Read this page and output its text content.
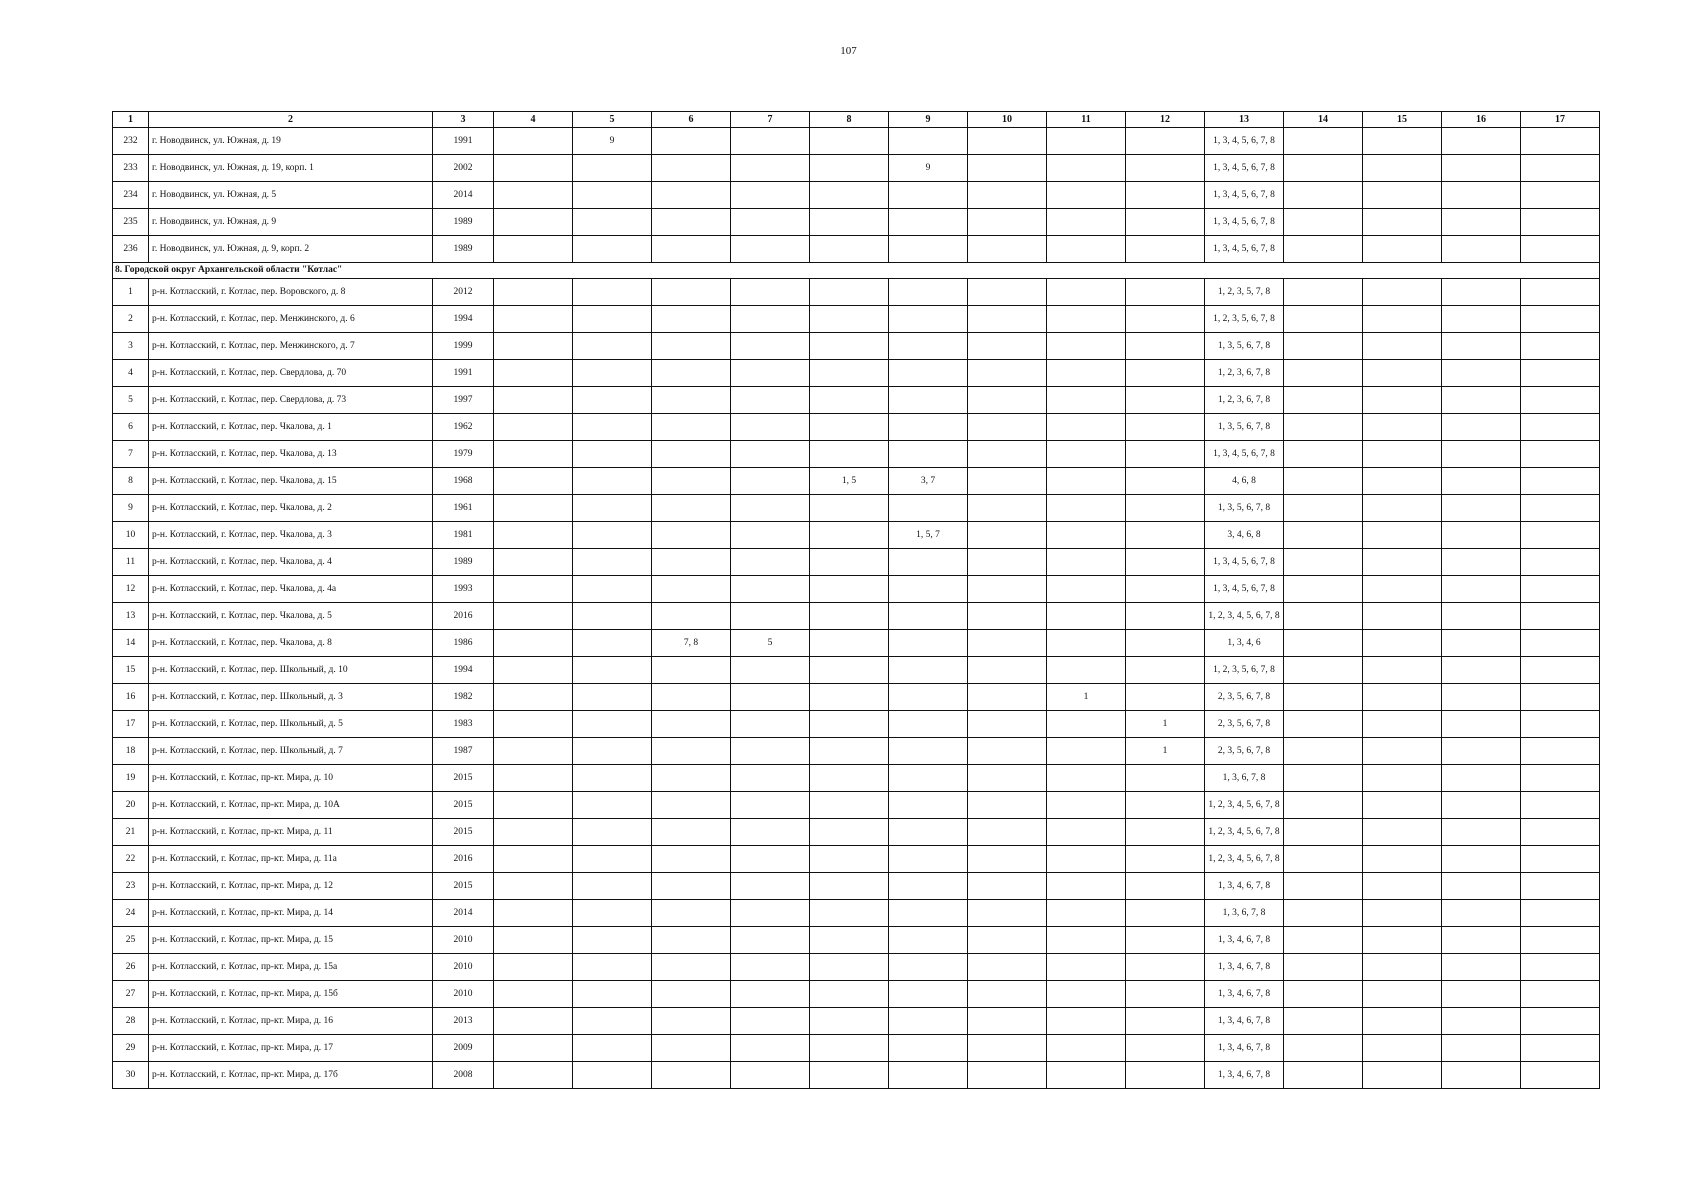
107
1	2	3	4	5	6	7	8	9	10	11	12	13	14	15	16	17
232	г. Новодвинск, ул. Южная, д. 19	1991		9								1, 3, 4, 5, 6, 7, 8				
233	г. Новодвинск, ул. Южная, д. 19, корп. 1	2002						9				1, 3, 4, 5, 6, 7, 8				
234	г. Новодвинск, ул. Южная, д. 5	2014										1, 3, 4, 5, 6, 7, 8				
235	г. Новодвинск, ул. Южная, д. 9	1989										1, 3, 4, 5, 6, 7, 8				
236	г. Новодвинск, ул. Южная, д. 9, корп. 2	1989										1, 3, 4, 5, 6, 7, 8				
8. Городской округ Архангельской области "Котлас"																
1	р-н. Котласский, г. Котлас, пер. Воровского, д. 8	2012										1, 2, 3, 5, 7, 8				
2	р-н. Котласский, г. Котлас, пер. Менжинского, д. 6	1994										1, 2, 3, 5, 6, 7, 8				
3	р-н. Котласский, г. Котлас, пер. Менжинского, д. 7	1999										1, 3, 5, 6, 7, 8				
4	р-н. Котласский, г. Котлас, пер. Свердлова, д. 70	1991										1, 2, 3, 6, 7, 8				
5	р-н. Котласский, г. Котлас, пер. Свердлова, д. 73	1997										1, 2, 3, 6, 7, 8				
6	р-н. Котласский, г. Котлас, пер. Чкалова, д. 1	1962										1, 3, 5, 6, 7, 8				
7	р-н. Котласский, г. Котлас, пер. Чкалова, д. 13	1979										1, 3, 4, 5, 6, 7, 8				
8	р-н. Котласский, г. Котлас, пер. Чкалова, д. 15	1968					1, 5	3, 7				4, 6, 8				
9	р-н. Котласский, г. Котлас, пер. Чкалова, д. 2	1961										1, 3, 5, 6, 7, 8				
10	р-н. Котласский, г. Котлас, пер. Чкалова, д. 3	1981						1, 5, 7				3, 4, 6, 8				
11	р-н. Котласский, г. Котлас, пер. Чкалова, д. 4	1989										1, 3, 4, 5, 6, 7, 8				
12	р-н. Котласский, г. Котлас, пер. Чкалова, д. 4а	1993										1, 3, 4, 5, 6, 7, 8				
13	р-н. Котласский, г. Котлас, пер. Чкалова, д. 5	2016										1, 2, 3, 4, 5, 6, 7, 8				
14	р-н. Котласский, г. Котлас, пер. Чкалова, д. 8	1986			7, 8	5						1, 3, 4, 6				
15	р-н. Котласский, г. Котлас, пер. Школьный, д. 10	1994										1, 2, 3, 5, 6, 7, 8				
16	р-н. Котласский, г. Котлас, пер. Школьный, д. 3	1982								1		2, 3, 5, 6, 7, 8				
17	р-н. Котласский, г. Котлас, пер. Школьный, д. 5	1983									1	2, 3, 5, 6, 7, 8				
18	р-н. Котласский, г. Котлас, пер. Школьный, д. 7	1987									1	2, 3, 5, 6, 7, 8				
19	р-н. Котласский, г. Котлас, пр-кт. Мира, д. 10	2015										1, 3, 6, 7, 8				
20	р-н. Котласский, г. Котлас, пр-кт. Мира, д. 10А	2015										1, 2, 3, 4, 5, 6, 7, 8				
21	р-н. Котласский, г. Котлас, пр-кт. Мира, д. 11	2015										1, 2, 3, 4, 5, 6, 7, 8				
22	р-н. Котласский, г. Котлас, пр-кт. Мира, д. 11а	2016										1, 2, 3, 4, 5, 6, 7, 8				
23	р-н. Котласский, г. Котлас, пр-кт. Мира, д. 12	2015										1, 3, 4, 6, 7, 8				
24	р-н. Котласский, г. Котлас, пр-кт. Мира, д. 14	2014										1, 3, 6, 7, 8				
25	р-н. Котласский, г. Котлас, пр-кт. Мира, д. 15	2010										1, 3, 4, 6, 7, 8				
26	р-н. Котласский, г. Котлас, пр-кт. Мира, д. 15а	2010										1, 3, 4, 6, 7, 8				
27	р-н. Котласский, г. Котлас, пр-кт. Мира, д. 15б	2010										1, 3, 4, 6, 7, 8				
28	р-н. Котласский, г. Котлас, пр-кт. Мира, д. 16	2013										1, 3, 4, 6, 7, 8				
29	р-н. Котласский, г. Котлас, пр-кт. Мира, д. 17	2009										1, 3, 4, 6, 7, 8				
30	р-н. Котласский, г. Котлас, пр-кт. Мира, д. 17б	2008										1, 3, 4, 6, 7, 8				
